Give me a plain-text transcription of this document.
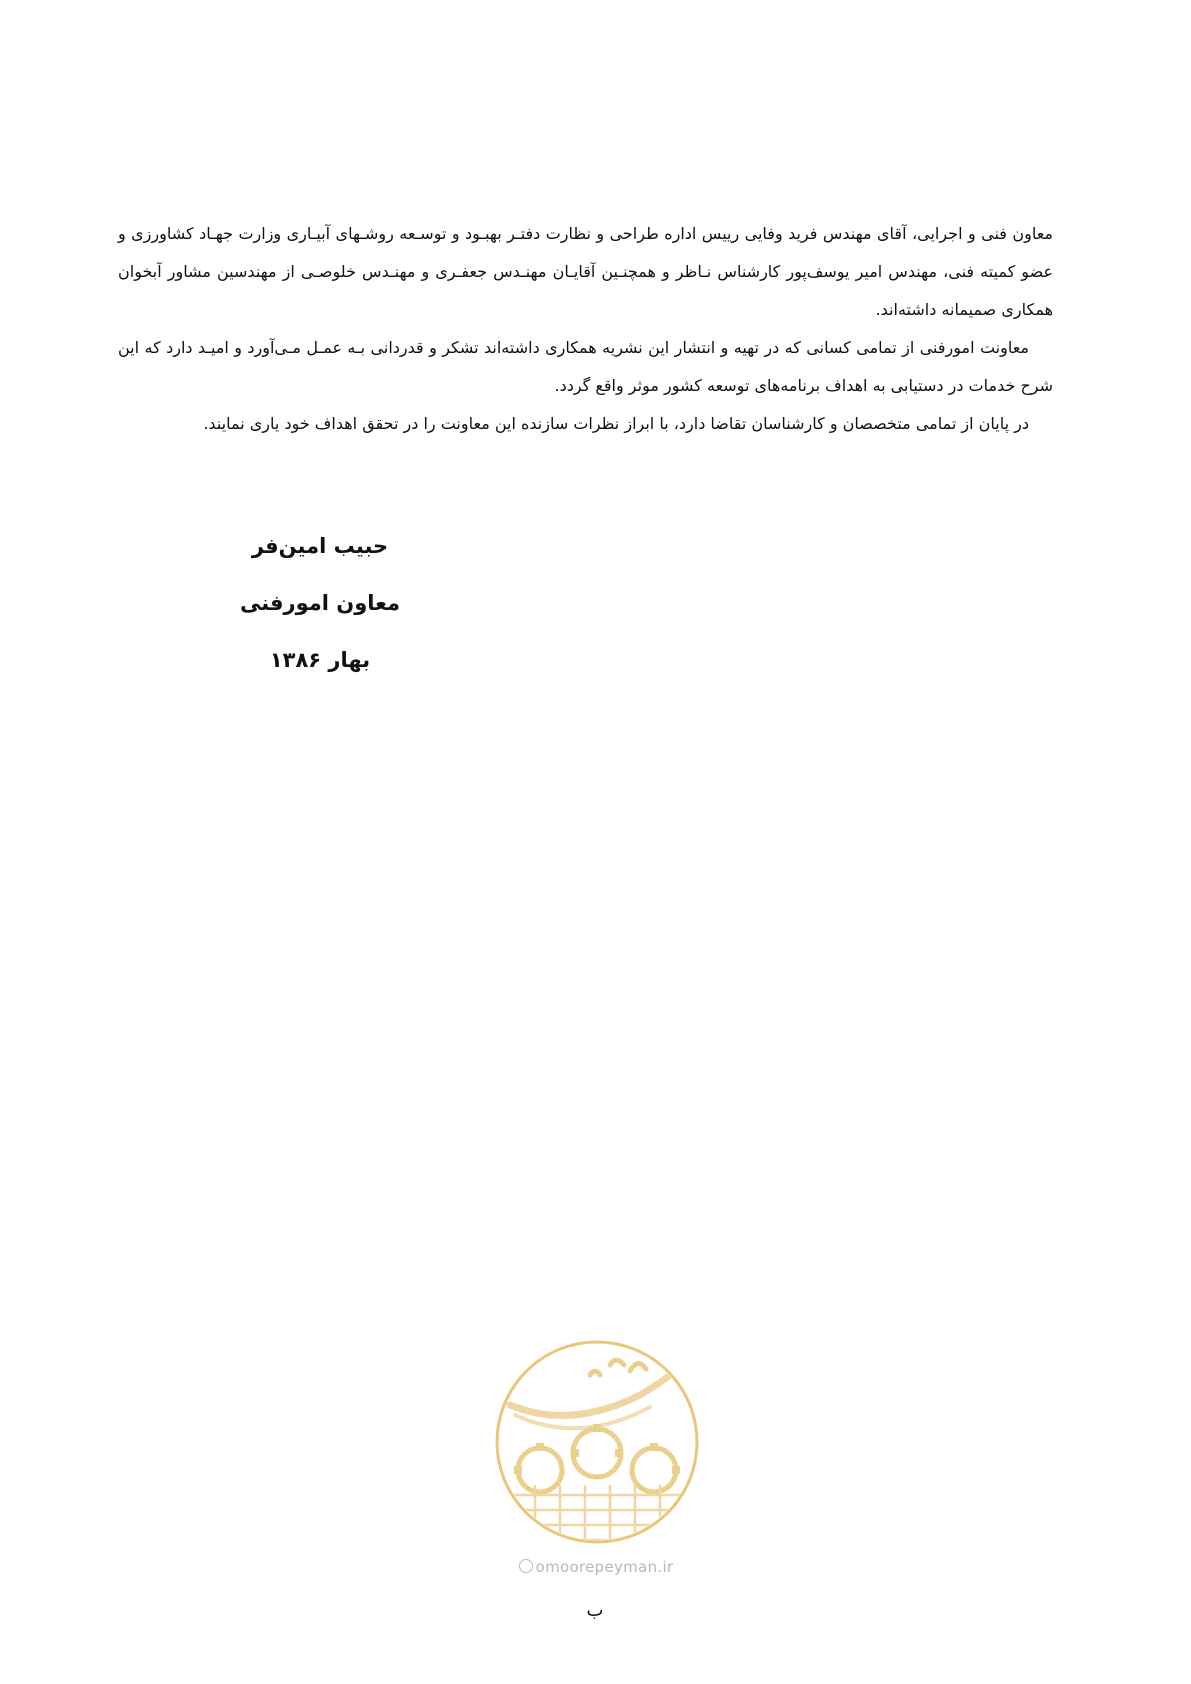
معاون فنی و اجرایی، آقای مهندس فرید وفایی رییس اداره طراحی و نظارت دفتـر بهبـود و توسـعه روشـهای آبیـاری وزارت جهـاد کشاورزی و عضو کمیته فنی، مهندس امیر یوسف‌پور کارشناس نـاظر و همچنـین آقایـان مهنـدس جعفـری و مهنـدس خلوصـی از مهندسین مشاور آبخوان همکاری صمیمانه داشته‌اند.

معاونت امورفنی از تمامی کسانی که در تهیه و انتشار این نشریه همکاری داشته‌اند تشکر و قدردانی بـه عمـل مـی‌آورد و امیـد دارد که این شرح خدمات در دستیابی به اهداف برنامه‌های توسعه کشور موثر واقع گردد.

در پایان از تمامی متخصصان و کارشناسان تقاضا دارد، با ابراز نظرات سازنده این معاونت را در تحقق اهداف خود یاری نمایند.

حبیب امین‌فر
معاون امورفنی
بهار ۱۳۸۶
omoorepeyman.ir
ب
